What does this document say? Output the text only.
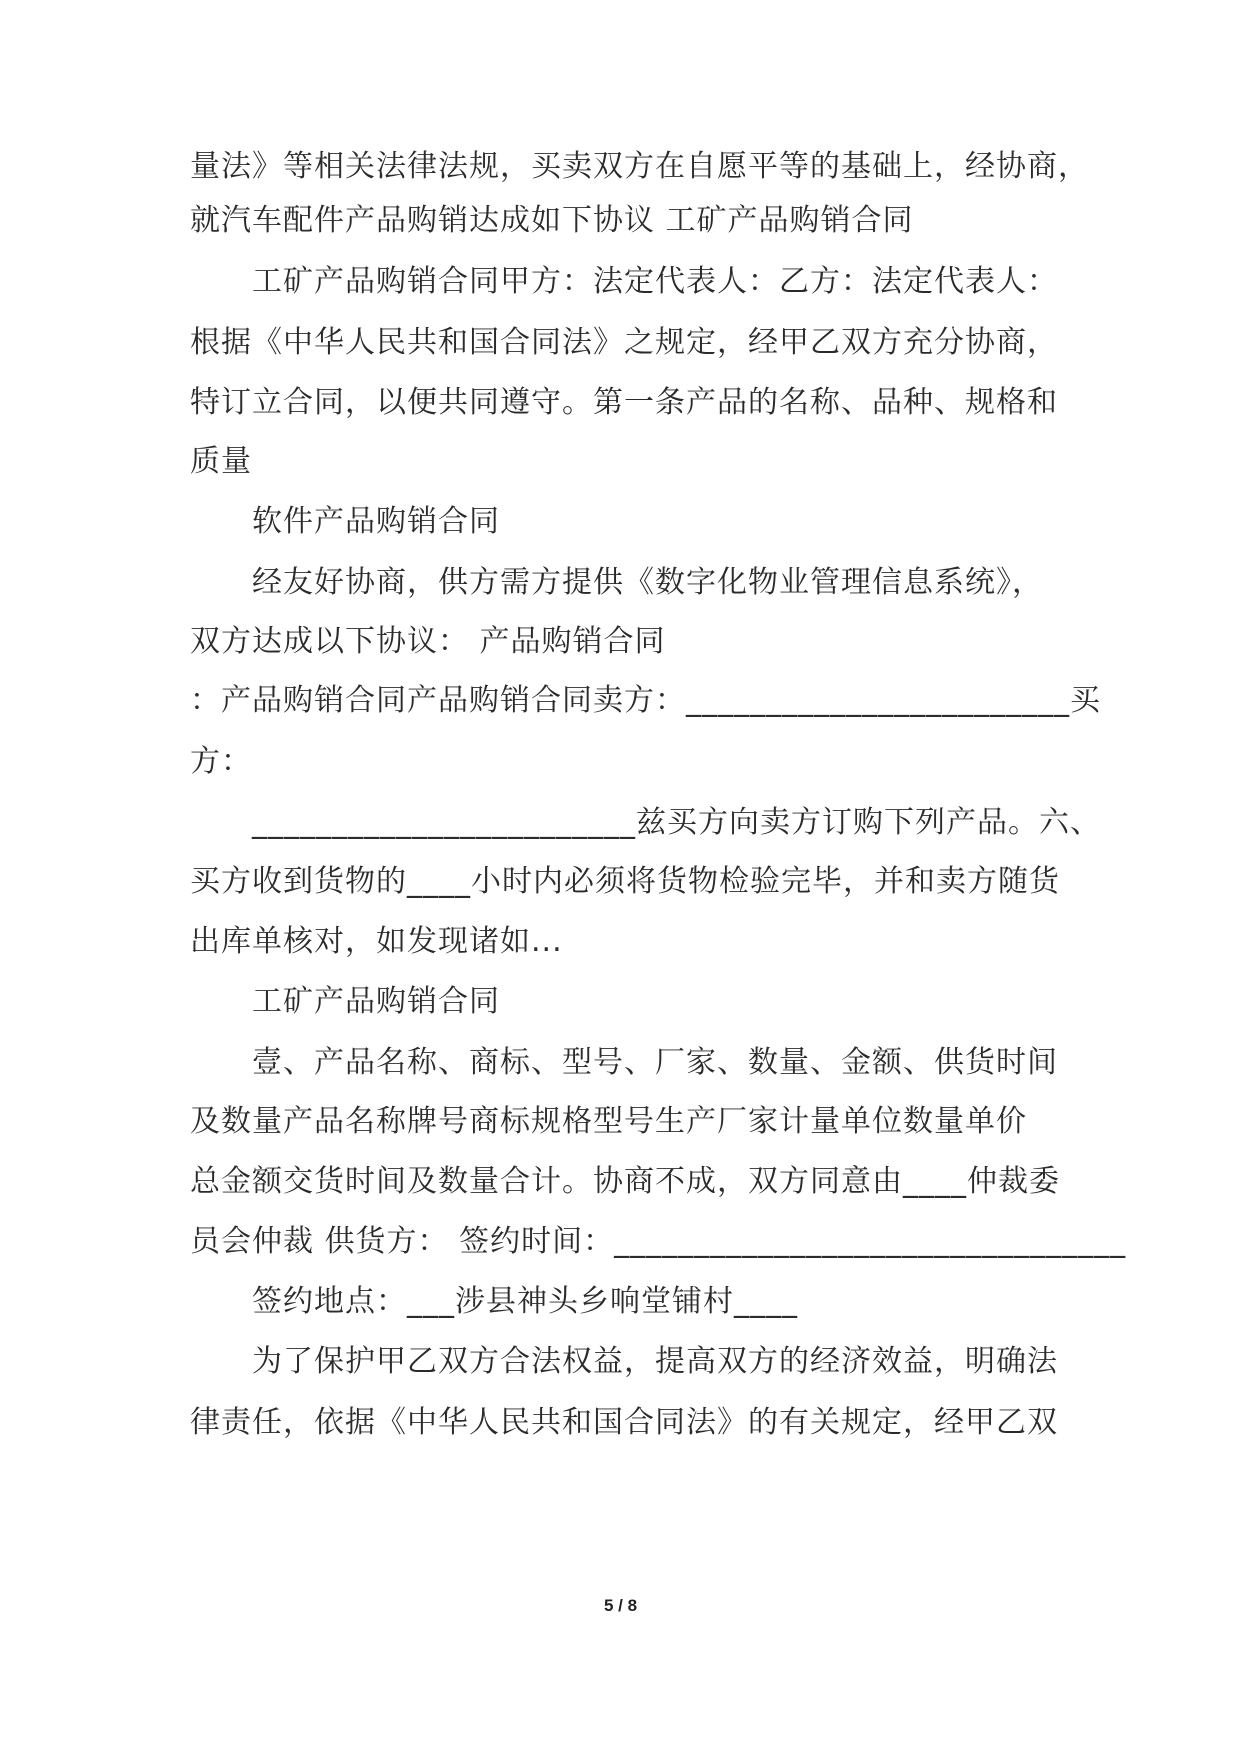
量法》等相关法律法规，买卖双方在自愿平等的基础上，经协商，
就汽车配件产品购销达成如下协议 工矿产品购销合同
工矿产品购销合同甲方：法定代表人：乙方：法定代表人：
根据《中华人民共和国合同法》之规定，经甲乙双方充分协商，
特订立合同，以便共同遵守。第一条产品的名称、品种、规格和
质量
软件产品购销合同
经友好协商，供方需方提供《数字化物业管理信息系统》，
双方达成以下协议： 产品购销合同
：产品购销合同产品购销合同卖方：________________________买
方：
________________________兹买方向卖方订购下列产品。六、
买方收到货物的____小时内必须将货物检验完毕，并和卖方随货
出库单核对，如发现诸如...
工矿产品购销合同
壹、产品名称、商标、型号、厂家、数量、金额、供货时间
及数量产品名称牌号商标规格型号生产厂家计量单位数量单价
总金额交货时间及数量合计。协商不成，双方同意由____仲裁委
员会仲裁 供货方： 签约时间：________________________________
签约地点：___涉县神头乡响堂铺村____
为了保护甲乙双方合法权益，提高双方的经济效益，明确法
律责任，依据《中华人民共和国合同法》的有关规定，经甲乙双
5 / 8
